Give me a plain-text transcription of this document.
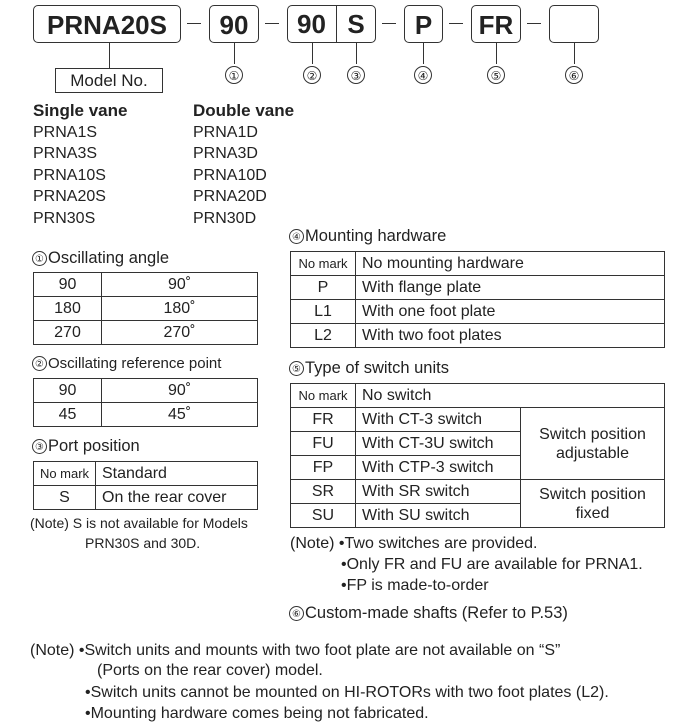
PRNA20S	90	90 S	P	FR
Model No.	①	②	③	④	⑤	⑥
Single vane
PRNA1S
PRNA3S
PRNA10S
PRNA20S
PRN30S
Double vane
PRNA1D
PRNA3D
PRNA10D
PRNA20D
PRN30D
① Oscillating angle
90	90˚
180	180˚
270	270˚
② Oscillating reference point
90	90˚
45	45˚
③ Port position
No mark	Standard
S	On the rear cover
(Note) S is not available for Models
PRN30S and 30D.
④ Mounting hardware
No mark	No mounting hardware
P	With flange plate
L1	With one foot plate
L2	With two foot plates
⑤ Type of switch units
No mark	No switch	
FR	With CT-3 switch	Switch position adjustable
FU	With CT-3U switch	
FP	With CTP-3 switch	
SR	With SR switch	Switch position fixed
SU	With SU switch	
(Note) •Two switches are provided.
•Only FR and FU are available for PRNA1.
•FP is made-to-order
⑥ Custom-made shafts (Refer to P.53)
(Note) •Switch units and mounts with two foot plate are not available on “S”
(Ports on the rear cover) model.
•Switch units cannot be mounted on HI-ROTORs with two foot plates (L2).
•Mounting hardware comes being not fabricated.
